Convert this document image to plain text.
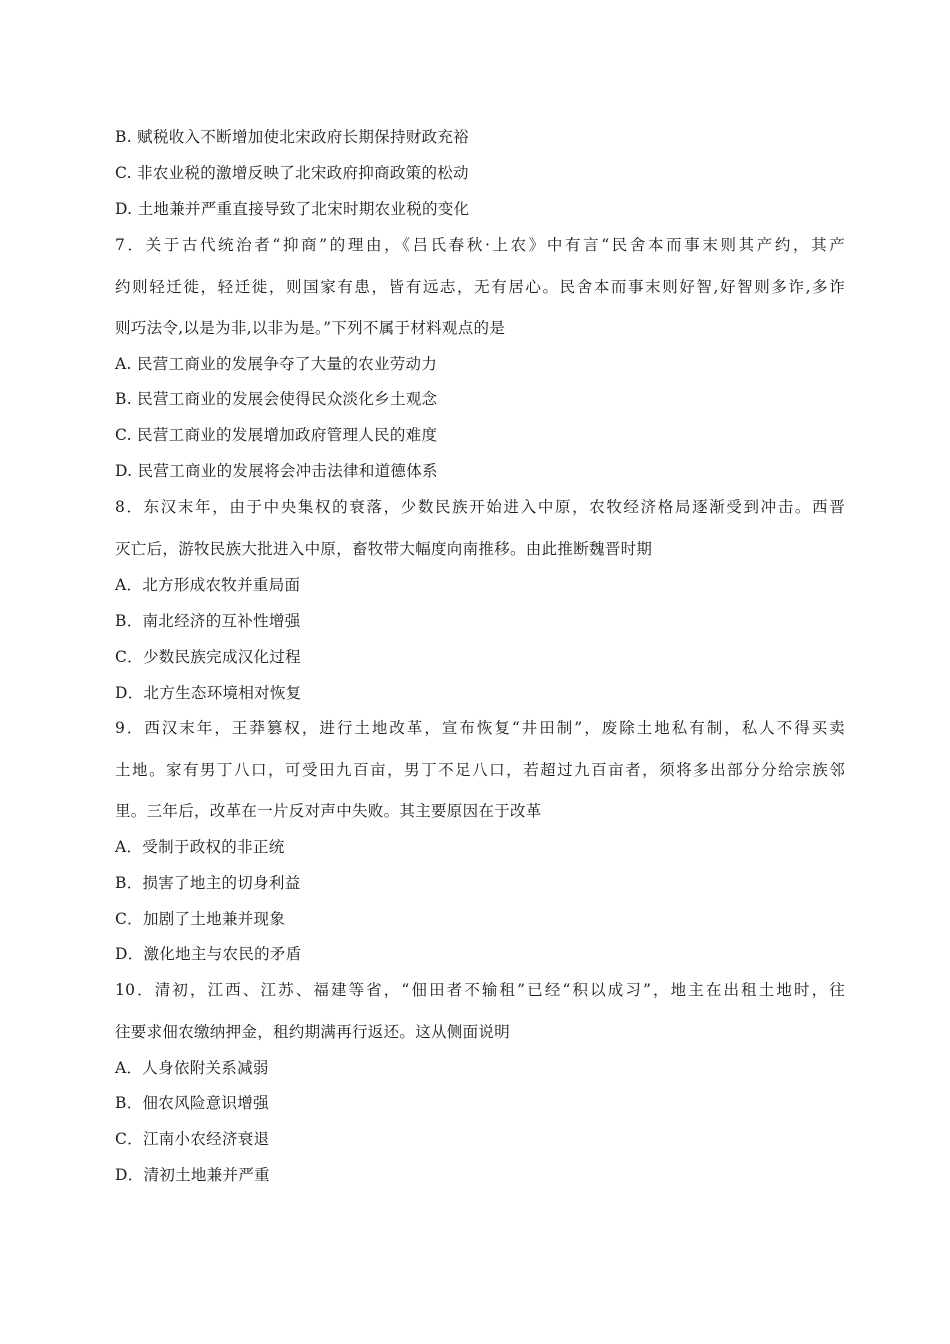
B. 赋税收入不断增加使北宋政府长期保持财政充裕
C. 非农业税的激增反映了北宋政府抑商政策的松动
D. 土地兼并严重直接导致了北宋时期农业税的变化
7．关于古代统治者“抑商”的理由，《吕氏春秋·上农》中有言“民舍本而事末则其产约，其产
约则轻迁徙，轻迁徙，则国家有患，皆有远志，无有居心。民舍本而事末则好智,好智则多诈,多诈
则巧法令,以是为非,以非为是。”下列不属于材料观点的是
A. 民营工商业的发展争夺了大量的农业劳动力
B. 民营工商业的发展会使得民众淡化乡土观念
C. 民营工商业的发展增加政府管理人民的难度
D. 民营工商业的发展将会冲击法律和道德体系
8．东汉末年，由于中央集权的衰落，少数民族开始进入中原，农牧经济格局逐渐受到冲击。西晋
灭亡后，游牧民族大批进入中原，畜牧带大幅度向南推移。由此推断魏晋时期
A．北方形成农牧并重局面
B．南北经济的互补性增强
C．少数民族完成汉化过程
D．北方生态环境相对恢复
9．西汉末年，王莽篡权，进行土地改革，宣布恢复“井田制”，废除土地私有制，私人不得买卖
土地。家有男丁八口，可受田九百亩，男丁不足八口，若超过九百亩者，须将多出部分分给宗族邻
里。三年后，改革在一片反对声中失败。其主要原因在于改革
A．受制于政权的非正统
B．损害了地主的切身利益
C．加剧了土地兼并现象
D．激化地主与农民的矛盾
10．清初，江西、江苏、福建等省，“佃田者不输租”已经“积以成习”，地主在出租土地时，往
往要求佃农缴纳押金，租约期满再行返还。这从侧面说明
A．人身依附关系减弱
B．佃农风险意识增强
C．江南小农经济衰退
D．清初土地兼并严重
